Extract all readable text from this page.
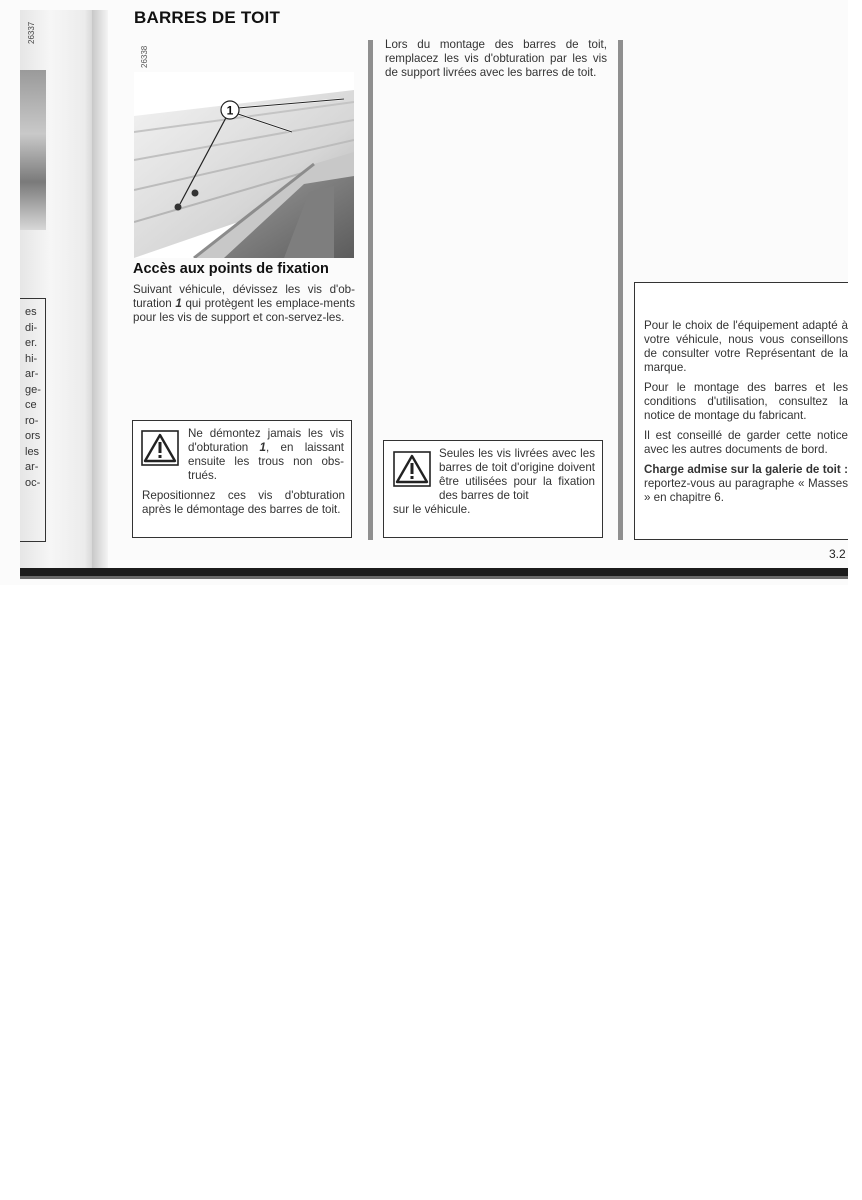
26337
es
di-
er.
hi-
ar-
ge-
ce
ro-
ors
les
ar-
oc-
BARRES DE TOIT
26338
1
Accès aux points de fixation
Suivant véhicule, dévissez les vis d'ob-turation 1 qui protègent les emplace-ments pour les vis de support et con-servez-les.
Ne démontez jamais les vis d'obturation 1, en laissant ensuite les trous non obs-trués.
Repositionnez ces vis d'obturation après le démontage des barres de toit.
Lors du montage des barres de toit, remplacez les vis d'obturation par les vis de support livrées avec les barres de toit.
Seules les vis livrées avec les barres de toit d'origine doivent être utilisées pour la fixation des barres de toit
sur le véhicule.

Pour le choix de l'équipement adapté à votre véhicule, nous vous conseillons de consulter votre Représentant de la marque.

Pour le montage des barres et les conditions d'utilisation, consultez la notice de montage du fabricant.

Il est conseillé de garder cette notice avec les autres documents de bord.

Charge admise sur la galerie de toit : reportez-vous au paragraphe « Masses » en chapitre 6.

3.2
